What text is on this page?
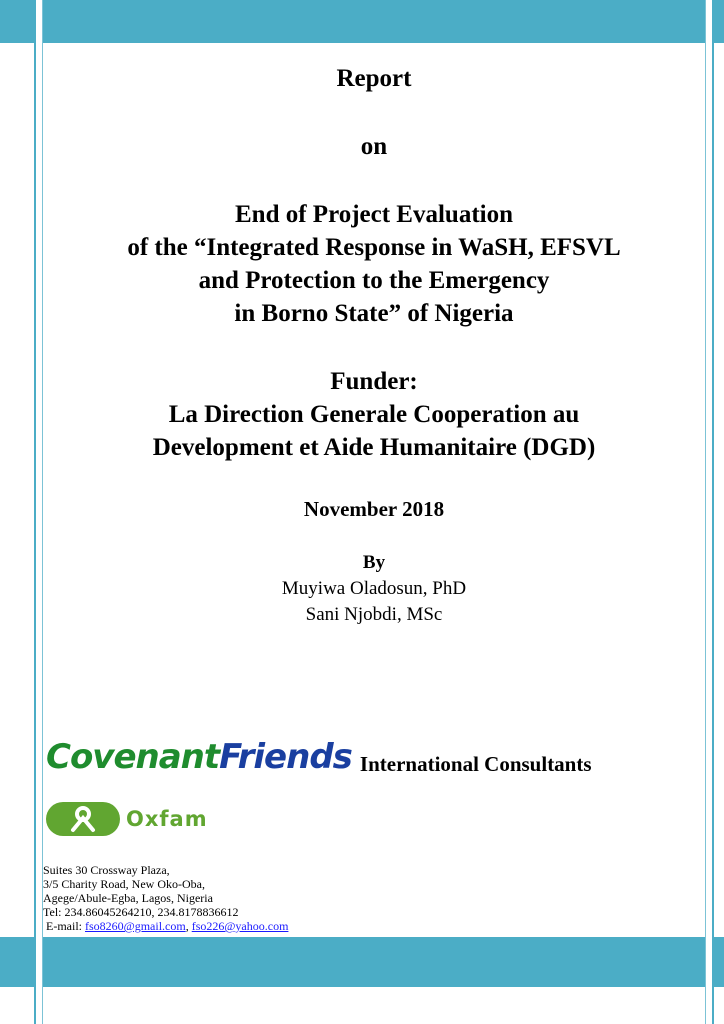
Report
on
End of Project Evaluation
of the “Integrated Response in WaSH, EFSVL
and Protection to the Emergency
in Borno State” of Nigeria
Funder:
La Direction Generale Cooperation au
Development et Aide Humanitaire (DGD)
November 2018
By
Muyiwa Oladosun, PhD
Sani Njobdi, MSc
CovenantFriends International Consultants
Oxfam
Suites 30 Crossway Plaza,
3/5 Charity Road, New Oko-Oba,
Agege/Abule-Egba, Lagos, Nigeria
Tel: 234.86045264210, 234.8178836612
E-mail: fso8260@gmail.com, fso226@yahoo.com
